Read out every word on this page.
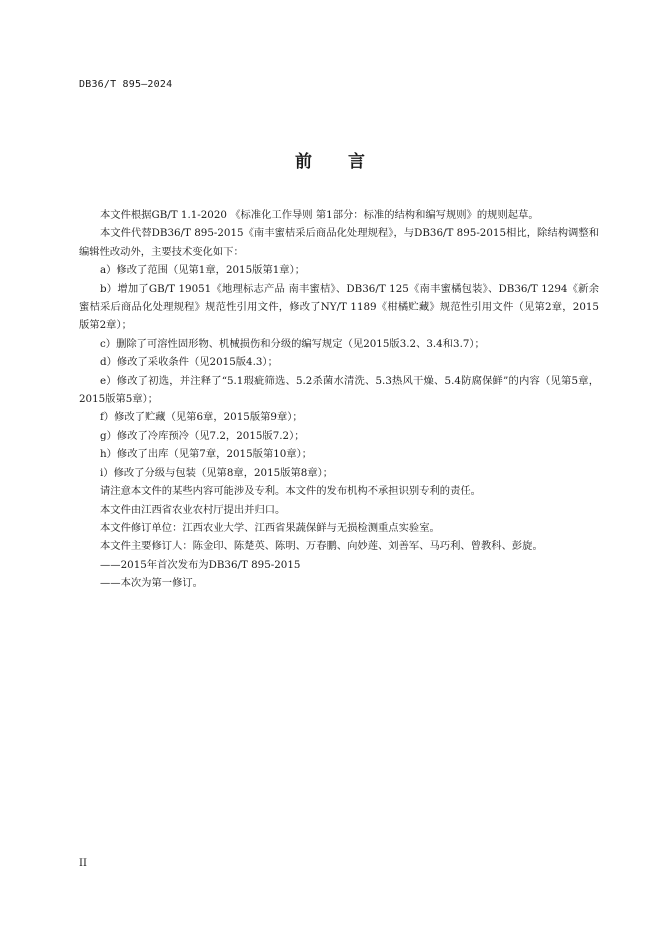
DB36/T 895—2024
前 言

本文件根据GB/T 1.1-2020 《标准化工作导则 第1部分：标准的结构和编写规则》的规则起草。

本文件代替DB36/T 895-2015《南丰蜜桔采后商品化处理规程》，与DB36/T 895-2015相比，除结构调整和编辑性改动外，主要技术变化如下：

a）修改了范围（见第1章，2015版第1章）；

b）增加了GB/T 19051《地理标志产品 南丰蜜桔》、DB36/T 125《南丰蜜橘包装》、DB36/T 1294《新余蜜桔采后商品化处理规程》规范性引用文件，修改了NY/T 1189《柑橘贮藏》规范性引用文件（见第2章，2015版第2章）；

c）删除了可溶性固形物、机械损伤和分级的编写规定（见2015版3.2、3.4和3.7）；

d）修改了采收条件（见2015版4.3）；

e）修改了初选，并注释了“5.1瑕疵筛选、5.2杀菌水清洗、5.3热风干燥、5.4防腐保鲜”的内容（见第5章，2015版第5章）；

f）修改了贮藏（见第6章，2015版第9章）；

g）修改了冷库预冷（见7.2，2015版7.2）；

h）修改了出库（见第7章，2015版第10章）；

i）修改了分级与包装（见第8章，2015版第8章）；

请注意本文件的某些内容可能涉及专利。本文件的发布机构不承担识别专利的责任。

本文件由江西省农业农村厅提出并归口。

本文件修订单位：江西农业大学、江西省果蔬保鲜与无损检测重点实验室。

本文件主要修订人：陈金印、陈楚英、陈明、万春鹏、向妙莲、刘善军、马巧利、曾教科、彭旋。

——2015年首次发布为DB36/T 895-2015

——本次为第一修订。

II
